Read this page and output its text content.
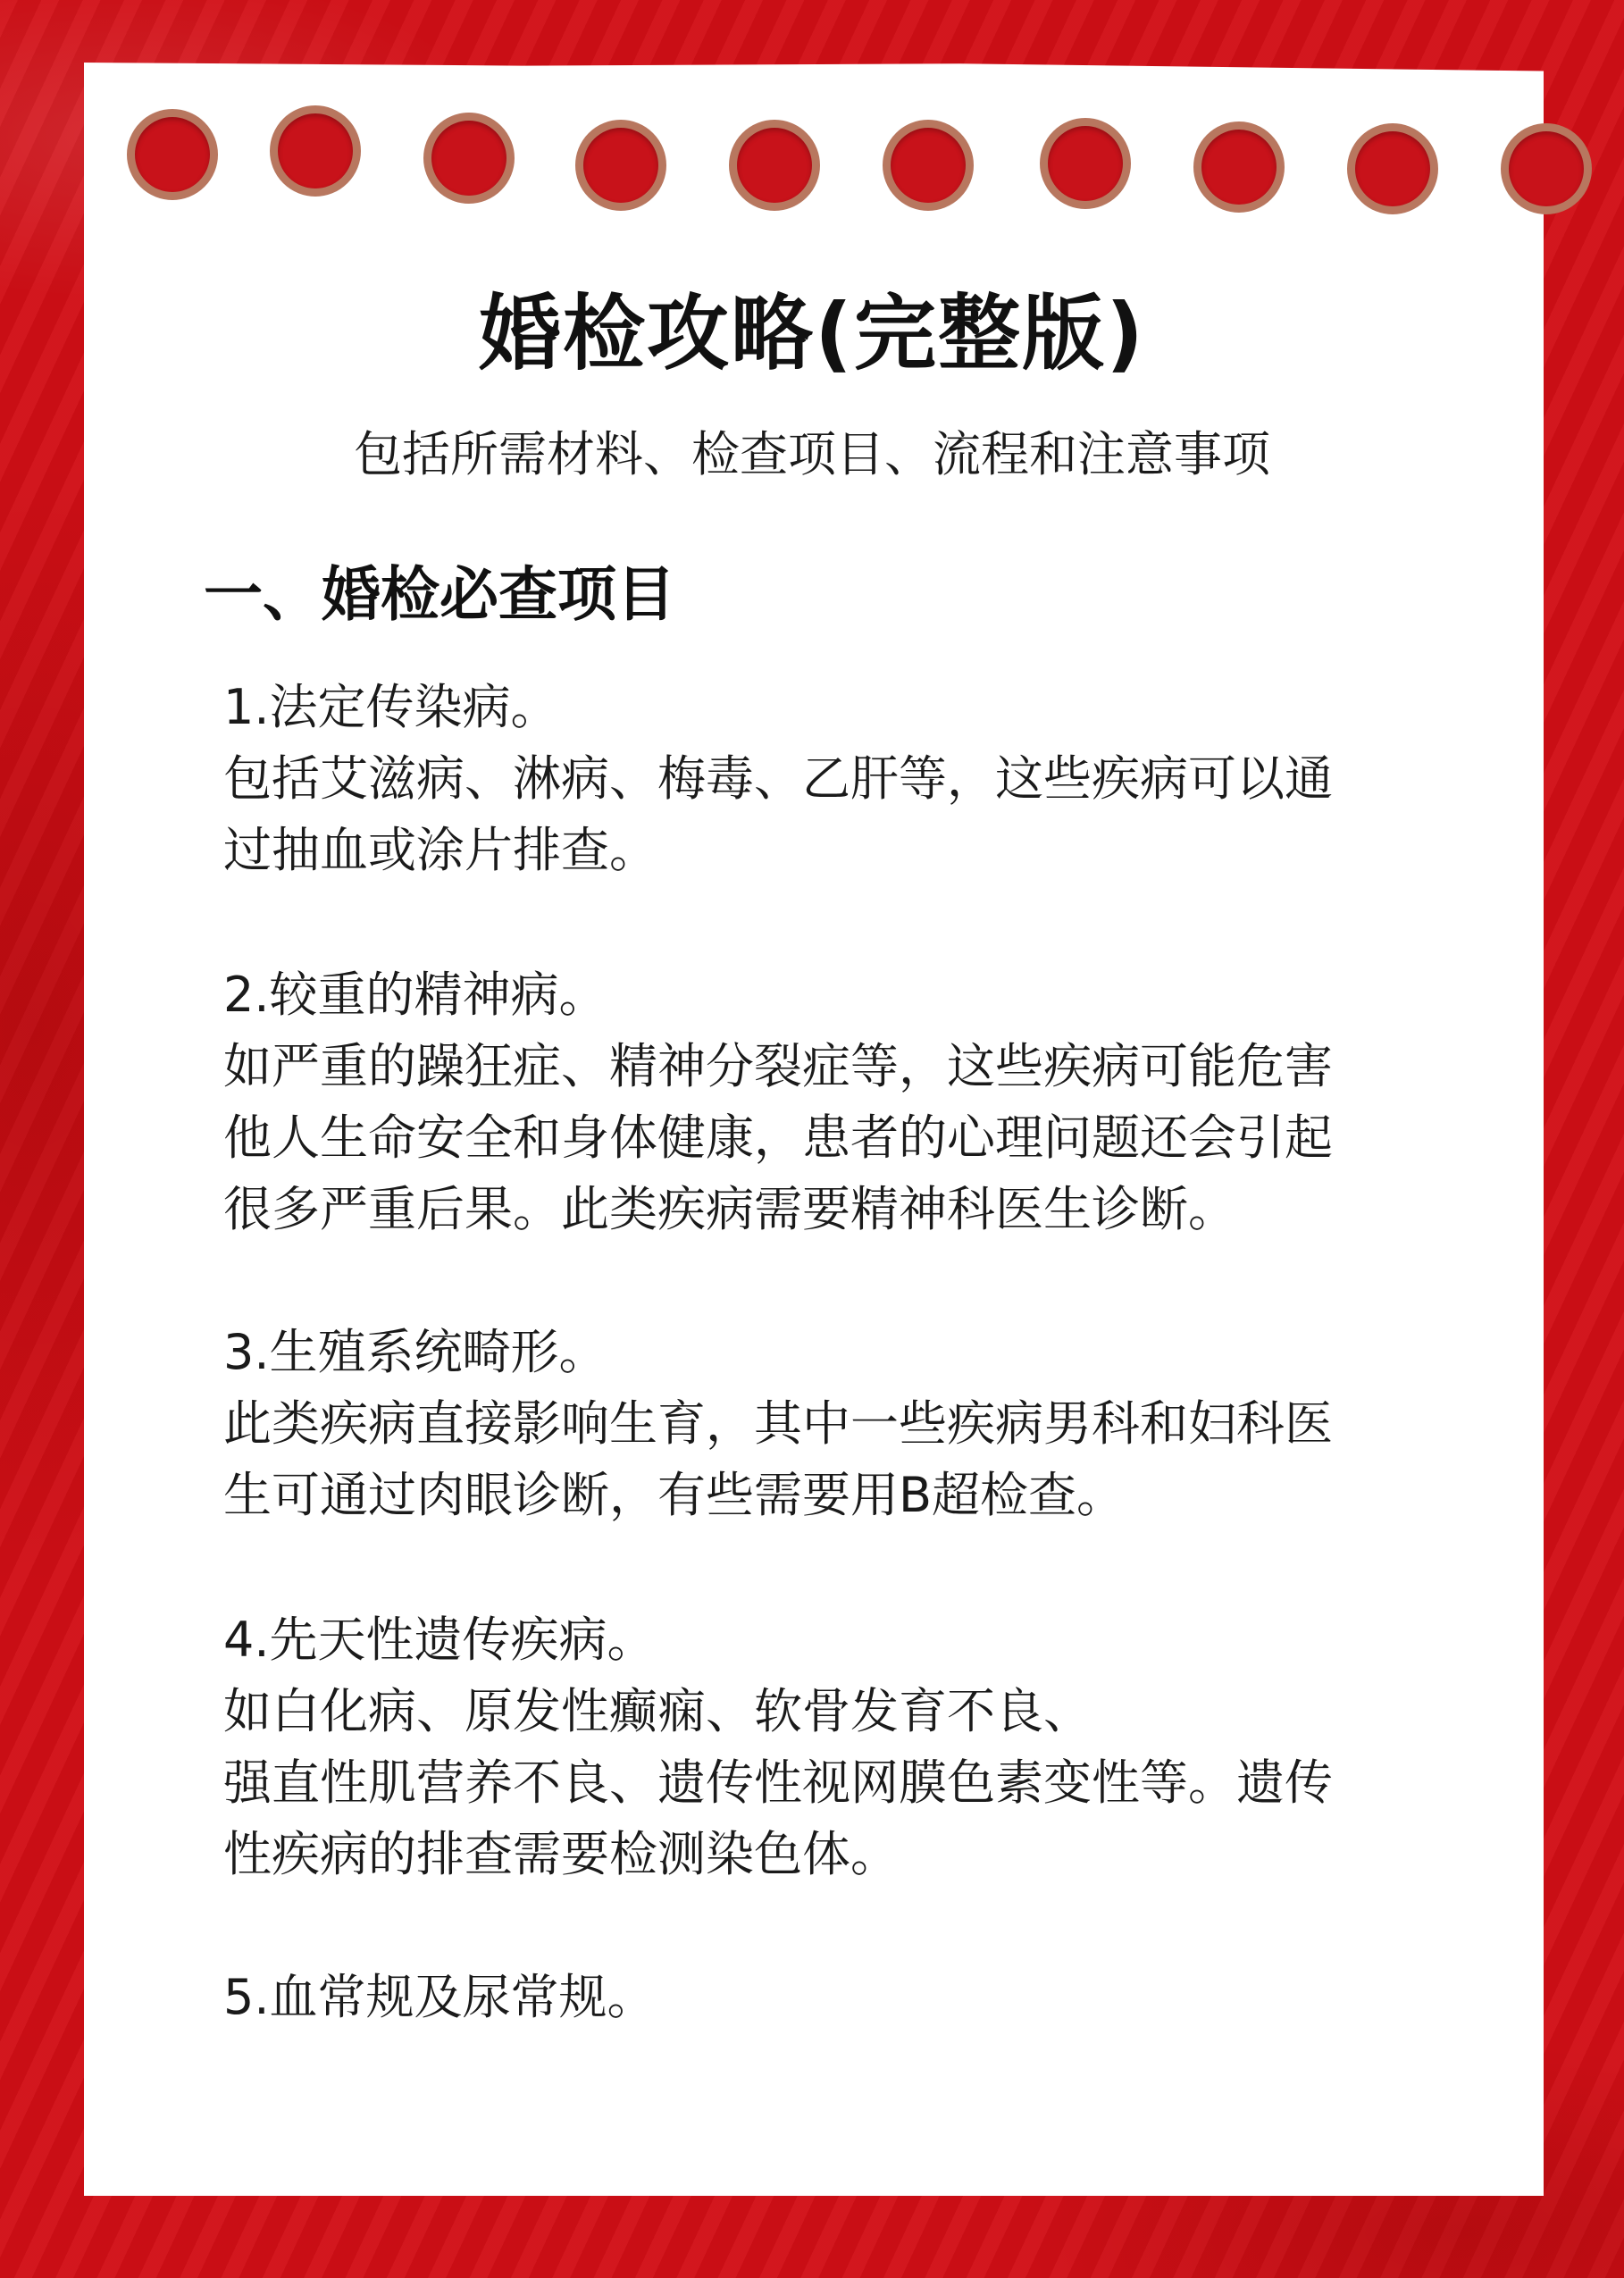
婚检攻略(完整版)
包括所需材料、检查项目、流程和注意事项
一、婚检必查项目

1.法定传染病。

包括艾滋病、淋病、梅毒、乙肝等，这些疾病可以通

过抽血或涂片排查。

2.较重的精神病。

如严重的躁狂症、精神分裂症等，这些疾病可能危害

他人生命安全和身体健康，患者的心理问题还会引起

很多严重后果。此类疾病需要精神科医生诊断。

3.生殖系统畸形。

此类疾病直接影响生育，其中一些疾病男科和妇科医

生可通过肉眼诊断，有些需要用B超检查。

4.先天性遗传疾病。

如白化病、原发性癫痫、软骨发育不良、

强直性肌营养不良、遗传性视网膜色素变性等。遗传

性疾病的排查需要检测染色体。

5.血常规及尿常规。
